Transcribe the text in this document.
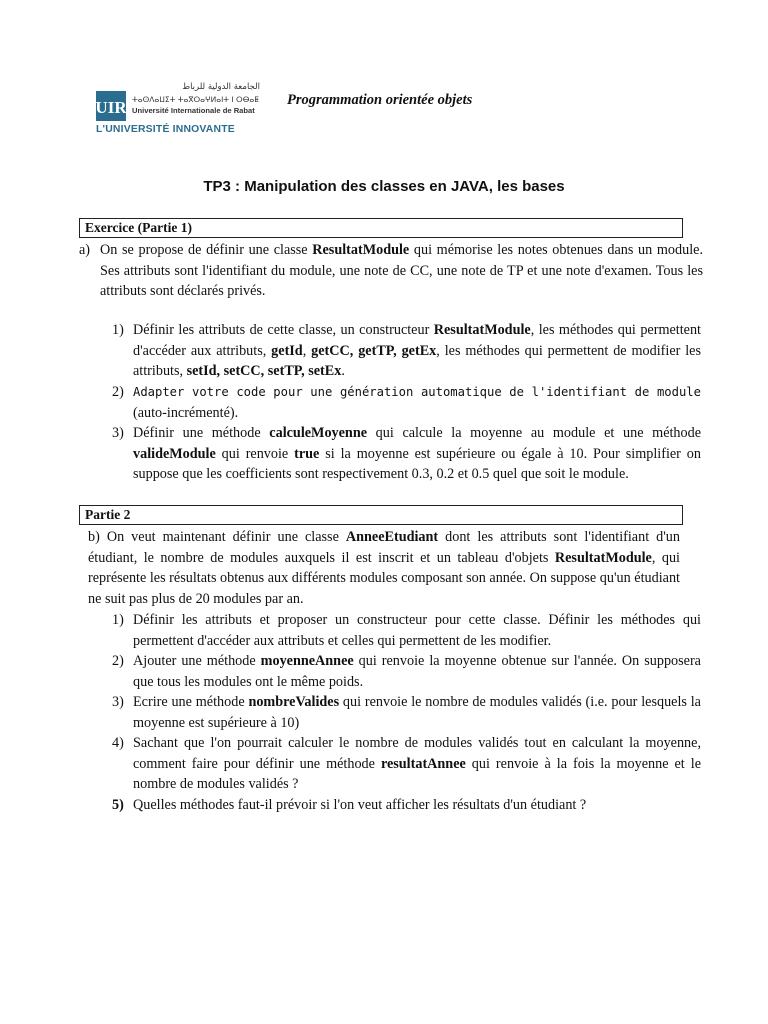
UIR
الجامعة الدولية للرباط
ⵜⴰⵙⴷⴰⵡⵉⵜ ⵜⴰⴳⵔⴰⵖⵍⴰⵏⵜ ⵏ ⵔⴱⴰⵟ
Université Internationale de Rabat
L'UNIVERSITÉ INNOVANTE
Programmation orientée objets
TP3 : Manipulation des classes en JAVA, les bases
Exercice (Partie 1)
a) On se propose de définir une classe ResultatModule qui mémorise les notes obtenues dans un module. Ses attributs sont l'identifiant du module, une note de CC, une note de TP et une note d'examen. Tous les attributs sont déclarés privés.
1) Définir les attributs de cette classe, un constructeur ResultatModule, les méthodes qui permettent d'accéder aux attributs, getId, getCC, getTP, getEx, les méthodes qui permettent de modifier les attributs, setId, setCC, setTP, setEx.
2) Adapter votre code pour une génération automatique de l'identifiant de module (auto-incrémenté).
3) Définir une méthode calculeMoyenne qui calcule la moyenne au module et une méthode valideModule qui renvoie true si la moyenne est supérieure ou égale à 10. Pour simplifier on suppose que les coefficients sont respectivement 0.3, 0.2 et 0.5 quel que soit le module.
Partie 2
b) On veut maintenant définir une classe AnneeEtudiant dont les attributs sont l'identifiant d'un étudiant, le nombre de modules auxquels il est inscrit et un tableau d'objets ResultatModule, qui représente les résultats obtenus aux différents modules composant son année. On suppose qu'un étudiant ne suit pas plus de 20 modules par an.
1) Définir les attributs et proposer un constructeur pour cette classe. Définir les méthodes qui permettent d'accéder aux attributs et celles qui permettent de les modifier.
2) Ajouter une méthode moyenneAnnee qui renvoie la moyenne obtenue sur l'année. On supposera que tous les modules ont le même poids.
3) Ecrire une méthode nombreValides qui renvoie le nombre de modules validés (i.e. pour lesquels la moyenne est supérieure à 10)
4) Sachant que l'on pourrait calculer le nombre de modules validés tout en calculant la moyenne, comment faire pour définir une méthode resultatAnnee qui renvoie à la fois la moyenne et le nombre de modules validés ?
5) Quelles méthodes faut-il prévoir si l'on veut afficher les résultats d'un étudiant ?
